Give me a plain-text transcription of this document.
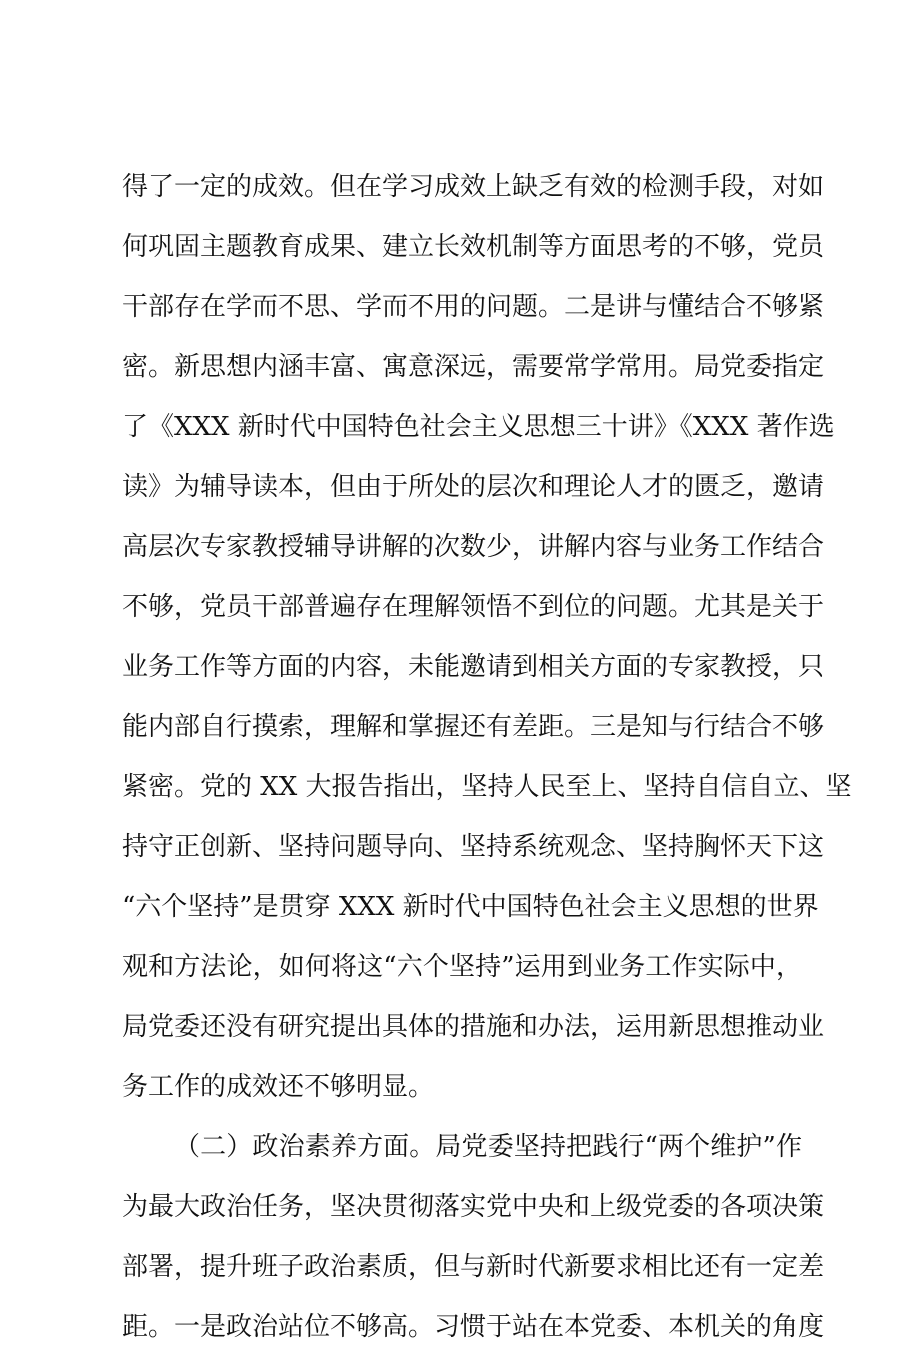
得了一定的成效。但在学习成效上缺乏有效的检测手段，对如
何巩固主题教育成果、建立长效机制等方面思考的不够，党员
干部存在学而不思、学而不用的问题。二是讲与懂结合不够紧
密。新思想内涵丰富、寓意深远，需要常学常用。局党委指定
了《XXX 新时代中国特色社会主义思想三十讲》《XXX 著作选
读》为辅导读本，但由于所处的层次和理论人才的匮乏，邀请
高层次专家教授辅导讲解的次数少，讲解内容与业务工作结合
不够，党员干部普遍存在理解领悟不到位的问题。尤其是关于
业务工作等方面的内容，未能邀请到相关方面的专家教授，只
能内部自行摸索，理解和掌握还有差距。三是知与行结合不够
紧密。党的 XX 大报告指出，坚持人民至上、坚持自信自立、坚
持守正创新、坚持问题导向、坚持系统观念、坚持胸怀天下这
“六个坚持”是贯穿 XXX 新时代中国特色社会主义思想的世界
观和方法论，如何将这“六个坚持”运用到业务工作实际中，
局党委还没有研究提出具体的措施和办法，运用新思想推动业
务工作的成效还不够明显。
（二）政治素养方面。局党委坚持把践行“两个维护”作
为最大政治任务，坚决贯彻落实党中央和上级党委的各项决策
部署，提升班子政治素质，但与新时代新要求相比还有一定差
距。一是政治站位不够高。习惯于站在本党委、本机关的角度
